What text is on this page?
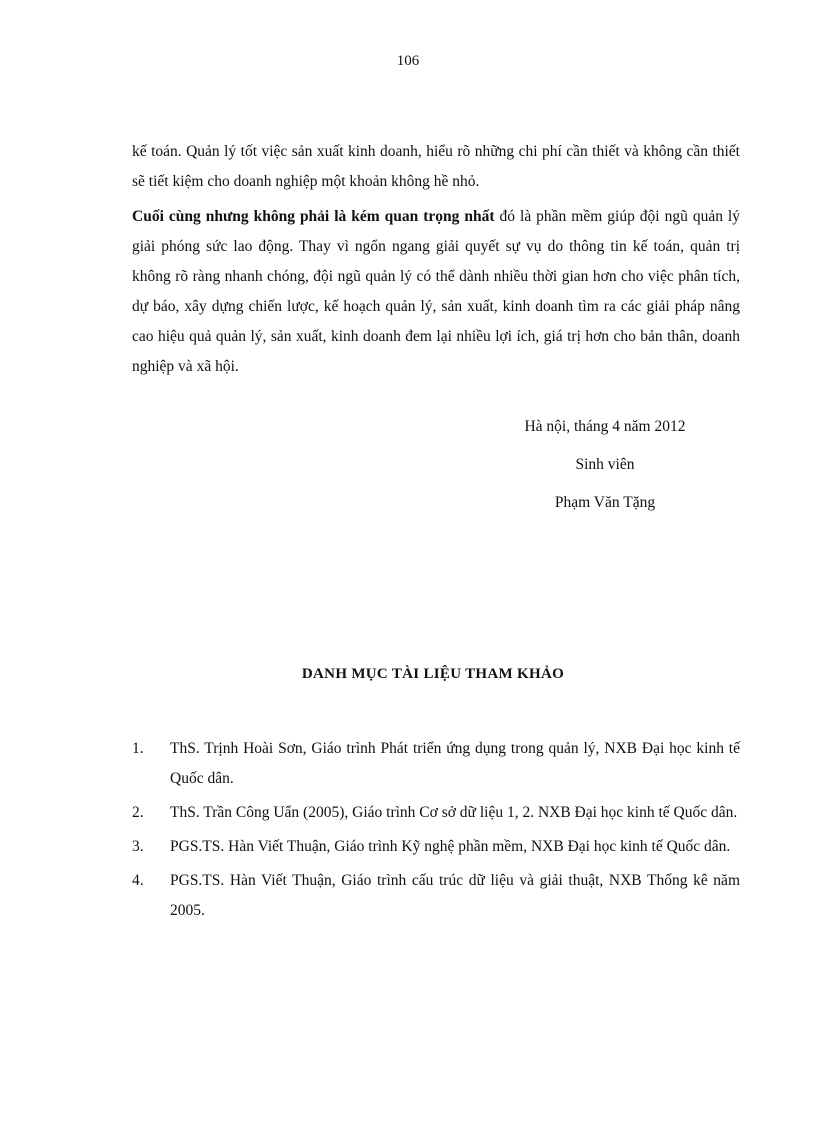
106

kế toán. Quản lý tốt việc sản xuất kinh doanh, hiểu rõ những chi phí cần thiết và không cần thiết sẽ tiết kiệm cho doanh nghiệp một khoản không hề nhỏ.

Cuối cùng nhưng không phải là kém quan trọng nhất đó là phần mềm giúp đội ngũ quản lý giải phóng sức lao động. Thay vì ngổn ngang giải quyết sự vụ do thông tin kế toán, quản trị không rõ ràng nhanh chóng, đội ngũ quản lý có thể dành nhiều thời gian hơn cho việc phân tích, dự báo, xây dựng chiến lược, kế hoạch quản lý, sản xuất, kinh doanh tìm ra các giải pháp nâng cao hiệu quả quản lý, sản xuất, kinh doanh đem lại nhiều lợi ích, giá trị hơn cho bản thân, doanh nghiệp và xã hội.

Hà nội, tháng 4 năm 2012
Sinh viên
Phạm Văn Tặng
DANH MỤC TÀI LIỆU THAM KHẢO
1.	ThS. Trịnh Hoài Sơn, Giáo trình Phát triển ứng dụng trong quản lý, NXB Đại học kinh tế Quốc dân.
2.	ThS. Trần Công Uẩn (2005), Giáo trình Cơ sở dữ liệu 1, 2. NXB Đại học kinh tế Quốc dân.
3.	PGS.TS. Hàn Viết Thuận, Giáo trình Kỹ nghệ phần mềm, NXB Đại học kinh tế Quốc dân.
4.	PGS.TS. Hàn Viết Thuận, Giáo trình cấu trúc dữ liệu và giải thuật, NXB Thống kê năm 2005.
